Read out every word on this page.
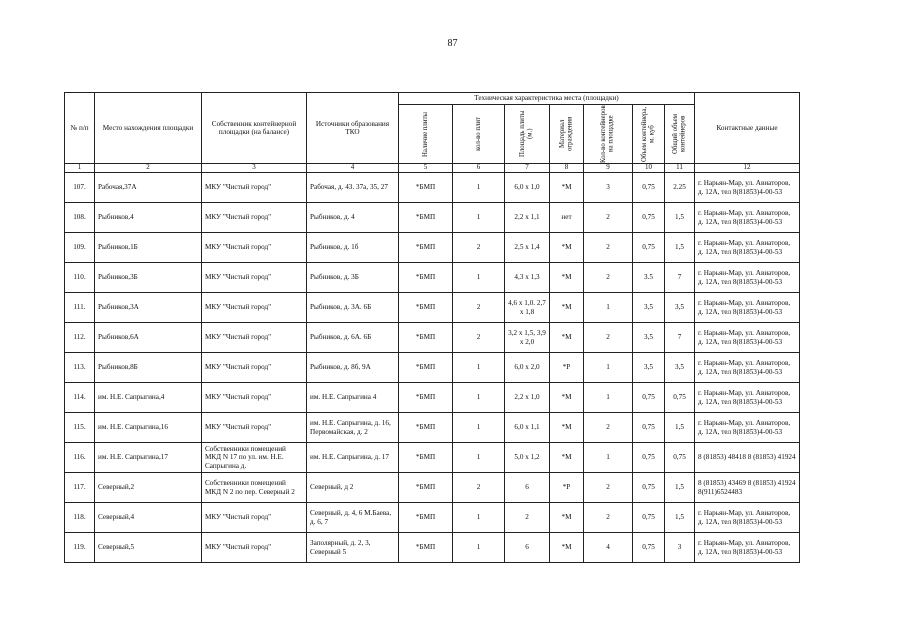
87
№ п/п	Место нахождения площадки	Собственник контейнерной площадки (на балансе)	Источники образования ТКО	Техническая характеристика места (площадки)							Контактные данные

				Наличие плиты	кол-во плит	Площадь плиты (м.)	Материал ограждения	Кол-во контейнеров на площадке	Объем контейнера, м. куб	Общий объем контейнеров	

1	2	3	4	5	6	7	8	9	10	11	12
107.	Рабочая,37А	МКУ "Чистый город"	Рабочая, д. 43. 37а, 35, 27	*БМП	1	6,0 х 1,0	*М	3	0,75	2.25	г. Нарьян-Мар, ул. Авиаторов, д. 12А, тел 8(81853)4-00-53
108.	Рыбников,4	МКУ "Чистый город"	Рыбников, д. 4	*БМП	1	2,2 х 1,1	нет	2	0,75	1,5	г. Нарьян-Мар, ул. Авиаторов, д. 12А, тел 8(81853)4-00-53
109.	Рыбников,1Б	МКУ "Чистый город"	Рыбников, д. 1б	*БМП	2	2,5 х 1,4	*М	2	0,75	1,5	г. Нарьян-Мар, ул. Авиаторов, д. 12А, тел 8(81853)4-00-53
110.	Рыбников,3Б	МКУ "Чистый город"	Рыбников, д. 3Б	*БМП	1	4,3 х 1,3	*М	2	3.5	7	г. Нарьян-Мар, ул. Авиаторов, д. 12А, тел 8(81853)4-00-53
111.	Рыбников,3А	МКУ "Чистый город"	Рыбников, д. 3А. 6Б	*БМП	2	4,6 х 1,0. 2,7 х 1,8	*М	1	3,5	3,5	г. Нарьян-Мар, ул. Авиаторов, д. 12А, тел 8(81853)4-00-53
112.	Рыбников,6А	МКУ "Чистый город"	Рыбников, д. 6А. 6Б	*БМП	2	3,2 х 1,5, 3,9 х 2,0	*М	2	3,5	7	г. Нарьян-Мар, ул. Авиаторов, д. 12А, тел 8(81853)4-00-53
113.	Рыбников,8Б	МКУ "Чистый город"	Рыбников, д. 8б, 9А	*БМП	1	6,0 х 2,0	*Р	1	3,5	3,5	г. Нарьян-Мар, ул. Авиаторов, д. 12А, тел 8(81853)4-00-53
114.	им. Н.Е. Сапрыгина,4	МКУ "Чистый город"	им. Н.Е. Сапрыгина 4	*БМП	1	2,2 х 1,0	*М	1	0,75	0,75	г. Нарьян-Мар, ул. Авиаторов, д. 12А, тел 8(81853)4-00-53
115.	им. Н.Е. Сапрыгина,16	МКУ "Чистый город"	им. Н.Е. Сапрыгина, д. 16, Первомайская, д. 2	*БМП	1	6,0 х 1,1	*М	2	0,75	1,5	г. Нарьян-Мар, ул. Авиаторов, д. 12А, тел 8(81853)4-00-53
116.	им. Н.Е. Сапрыгина,17	Собственники помещений МКД N 17 по ул. им. Н.Е. Сапрыгина д.	им. Н.Е. Сапрыгина, д. 17	*БМП	1	5,0 х 1,2	*М	1	0,75	0,75	8 (81853) 48418 8 (81853) 41924
117.	Северный,2	Собственники помещений МКД N 2 по пер. Северный 2	Северный, д 2	*БМП	2	6	*Р	2	0,75	1,5	8 (81853) 43469 8 (81853) 41924 8(911)6524483
118.	Северный,4	МКУ "Чистый город"	Северный, д. 4, 6 М.Баева, д. 6, 7	*БМП	1	2	*М	2	0,75	1,5	г. Нарьян-Мар, ул. Авиаторов, д. 12А, тел 8(81853)4-00-53
119.	Северный,5	МКУ "Чистый город"	Заполярный, д. 2, 3, Северный 5	*БМП	1	6	*М	4	0,75	3	г. Нарьян-Мар, ул. Авиаторов, д. 12А, тел 8(81853)4-00-53
